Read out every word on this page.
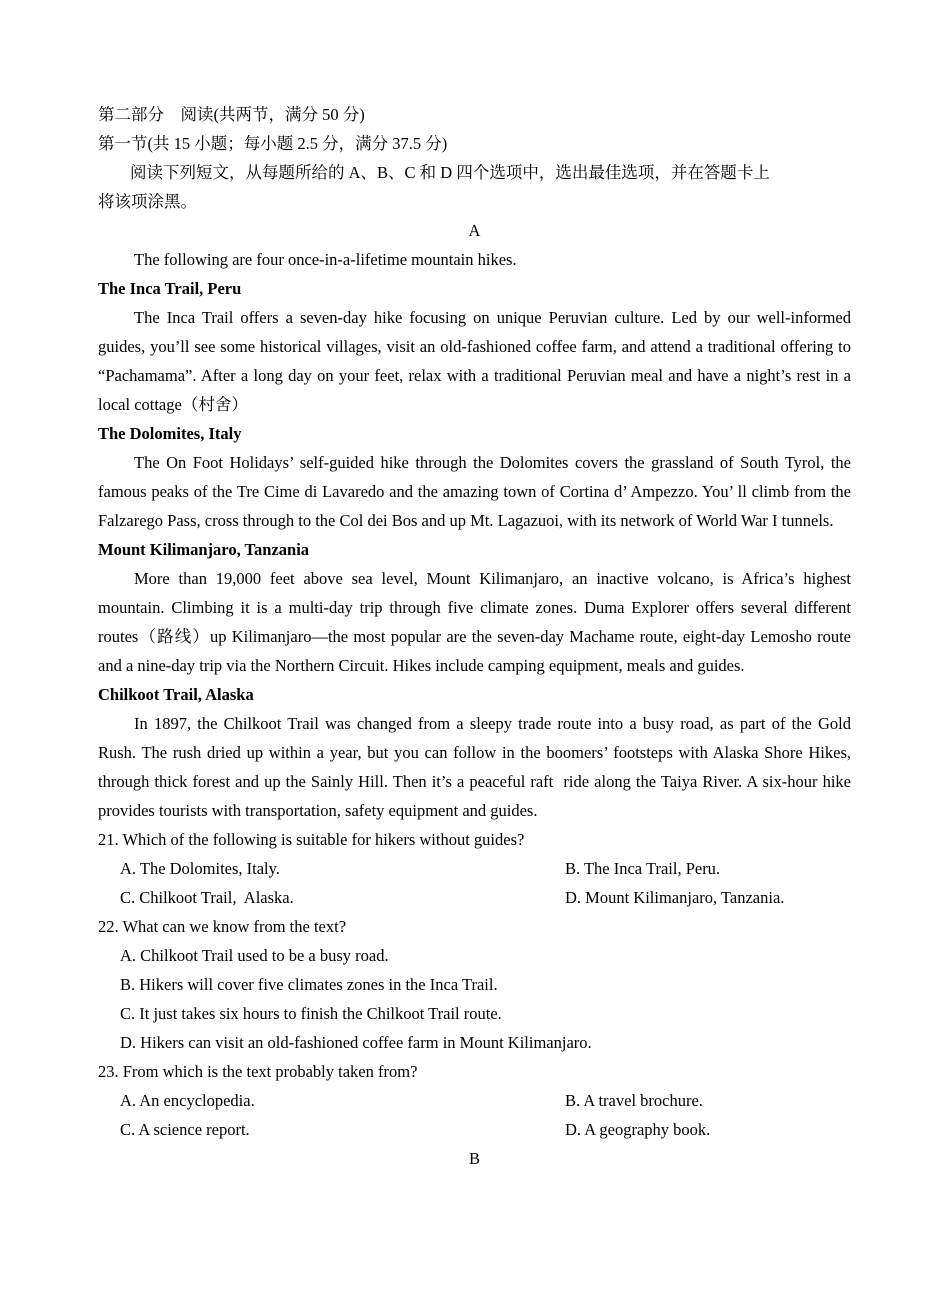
第二部分    阅读(共两节，满分 50 分)
第一节(共 15 小题；每小题 2.5 分，满分 37.5 分)
阅读下列短文，从每题所给的 A、B、C 和 D 四个选项中，选出最佳选项，并在答题卡上
将该项涂黑。
A

The following are four once-in-a-lifetime mountain hikes.

The Inca Trail, Peru

The Inca Trail offers a seven-day hike focusing on unique Peruvian culture. Led by our well-informed guides, you’ll see some historical villages, visit an old-fashioned coffee farm, and attend a traditional offering to  “Pachamama”. After a long day on your feet, relax with a traditional Peruvian meal and have a night’s rest in a local cottage（村舍）

The Dolomites, Italy

The On Foot Holidays’ self-guided hike through the Dolomites covers the grassland of South Tyrol, the famous peaks of the Tre Cime di Lavaredo and the amazing town of Cortina d’ Ampezzo. You’ ll climb from the Falzarego Pass, cross through to the Col dei Bos and up Mt. Lagazuoi, with its network of World War I tunnels.

Mount Kilimanjaro, Tanzania

More than 19,000 feet above sea level, Mount Kilimanjaro, an inactive volcano, is Africa’s highest mountain. Climbing it is a multi-day trip through five climate zones. Duma Explorer offers several different routes（路线）up Kilimanjaro—the most popular are the seven-day Machame route, eight-day Lemosho route and a nine-day trip via the Northern Circuit. Hikes include camping equipment, meals and guides.

Chilkoot Trail, Alaska

In 1897, the Chilkoot Trail was changed from a sleepy trade route into a busy road, as part of the Gold Rush. The rush dried up within a year, but you can follow in the boomers’ footsteps with Alaska Shore Hikes, through thick forest and up the Sainly Hill. Then it’s a peaceful raft  ride along the Taiya River. A six-hour hike provides tourists with transportation, safety equipment and guides.

21. Which of the following is suitable for hikers without guides?
A. The Dolomites, Italy.	B. The Inca Trail, Peru.
C. Chilkoot Trail,  Alaska.	D. Mount Kilimanjaro, Tanzania.
22. What can we know from the text?
A. Chilkoot Trail used to be a busy road.
B. Hikers will cover five climates zones in the Inca Trail.
C. It just takes six hours to finish the Chilkoot Trail route.
D. Hikers can visit an old-fashioned coffee farm in Mount Kilimanjaro.
23. From which is the text probably taken from?
A. An encyclopedia.	B. A travel brochure.
C. A science report.	D. A geography book.
B
